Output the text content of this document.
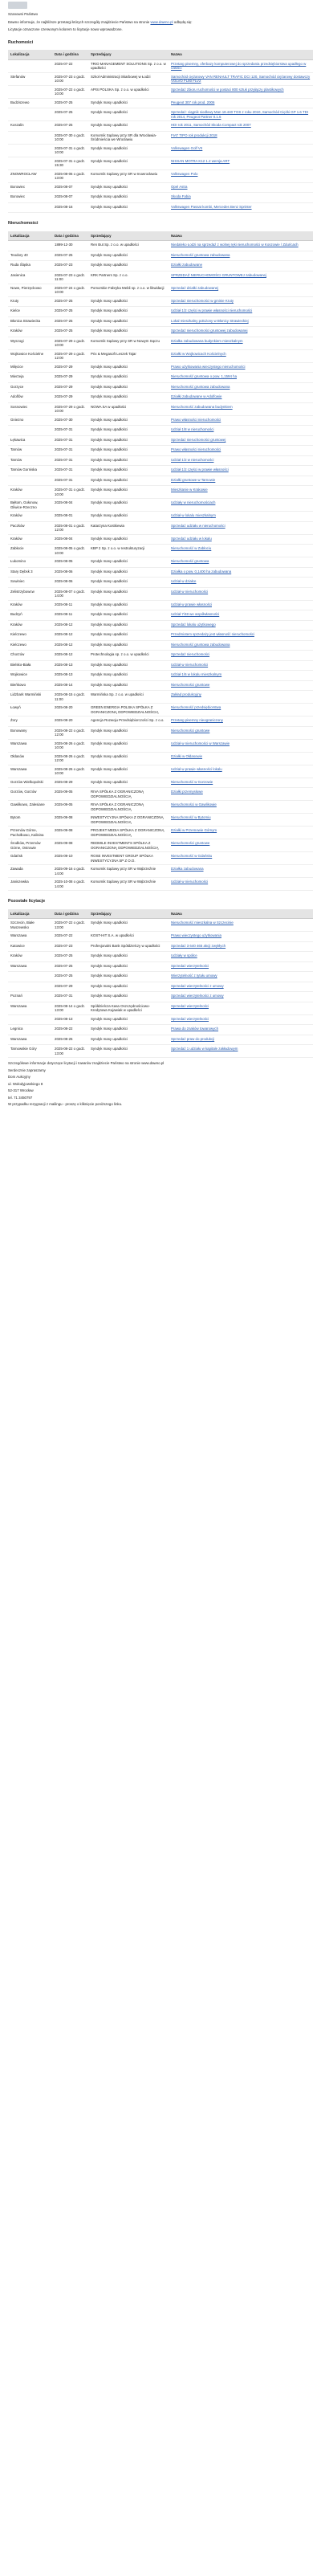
Szanowni Państwo
Dawno informuje, że najbliższe przetargi których szczegóły znajdziecie Państwo na stronie www.dawno.pl odbędą się:
Licytacje oznaczone czerwonym kolorem to licytacje nowo wprowadzone.
Ruchomości
Lokalizacja	Data i godzina	Sprzedający	Nazwa
	2025-07-22	TRIO MANAGEMENT SOLUTIONS Sp. z o.o. w upadłości	Przetarg pisemny, oferbazy komputerowej do sprzedania przedsiębiorstwa upadłego w całości
Stefanów	2025-07-23 o godz. 10:00	Szkoł Administracji Skarbowej w Łodzi	Samochód ciężarowy VAN RENAULT TRAFIC DCI 120, Samochód ciężarowy dostawczy VOLVO FL80 FLV2
	2025-07-22 o godz. 10:00	APIS POLSKA Sp. z o.o. w upadłości	Sprzedaż zbioru ruchomości w postaci 800 sztuk przyłączy plastikowych
Budziszewo	2025-07-25	Syndyk masy upadłości	Peugeot 307 rok prod. 2006
	2025-07-25	Syndyk masy upadłości	Sprzedaż: ciągnik siodłowy Man 18.440 TGS z roku 2010, Samochód Ciężki GP 1.6 TDI rok 2014, Peugeot Partner 0.1.6
Koszalin	2025-07-25	Syndyk masy upadłości	HDI rok 2011, Samochód Skoda Compact rok 2007
	2025-07-30 o godz. 10:00	Komornik Sądowy przy SR dla Wrocławia-Śródmieścia we Wrocławiu	FIAT TIPO rok produkcji 2018
	2025-07-31 o godz. 10:00	Syndyk masy upadłości	Volkswagen Golf VII
	2025-07-31 o godz. 15:30	Syndyk masy upadłości	NISSAN MOTRA K12 1.2 wersja ART
ZNOWROCŁAW	2025-08-06 o godz. 13:00	Komornik Sądowy przy SR w Inowrocławiu	Volkswagen Polo
Borowiec	2025-08-07	Syndyk masy upadłości	Opel Astra
Borowiec	2025-08-07	Syndyk masy upadłości	Skoda Fabia
	2025-08-16	Syndyk masy upadłości	Volkswagen Passat kombi, Mercedes Benz Sprinter
Nieruchomości
Lokalizacja	Data i godzina	Sprzedający	Nazwa
	1899-12-30	Ren But Sp. z o.o. w upadłości	Niedaleko Łodzi na sprzedaż z wolnej ręki nieruchomości w Koszowie / Zduńcach
Teodory 40	2025-07-25	Syndyk masy upadłości	Nieruchomość gruntowa zabudowana
Ruda Śląska	2025-07-23	Syndyk masy upadłości	Działki zabudowane
Jasienica	2025-07-23 o godz. 11:00	KRK Partners Sp. z o.o.	SPRZEDAŻ NIERUCHOMOŚCI GRUNTOWEJ zabudowanej
Nowe, Pierzęckowo	2025-07-24 o godz. 10:00	Pomorskie Fabryka Mebli sp. z o.o. w likwidacji	Sprzedaż działki zabudowanej
Kruty	2025-07-25	Syndyk masy upadłości	Sprzedaż nieruchomości w gminie Kruty
Kielce	2025-07-25	Syndyk masy upadłości	Udział 1/2 części w prawie własności nieruchomości
Błonica Strawiecka	2025-07-25	Syndyk masy upadłości	Lokal mieszkalny położony w Błonicy Strawieckiej
Kraków	2025-07-25	Syndyk masy upadłości	Sprzedaż nieruchomości gruntowej zabudowanej
Wyszogi	2025-07-29 o godz. 10:00	Komornik Sądowy przy SR w Nowym Sączu	Działka zabudowana budynkiem mieszkalnym
Wojkowice Kościelne	2025-07-29 o godz. 12:00	Prix & Megasoft Leszek Tajar	Działki w Wojkowicach Kościelnych
Milęcice	2025-07-29	Syndyk masy upadłości	Prawo użytkowania wieczystego nieruchomości
Mierzeja	2025-07-29	Syndyk masy upadłości	Nieruchomość gruntowa o pow. 1,1594 ha
Gorzyce	2025-07-29	Syndyk masy upadłości	Nieruchomość gruntowa zabudowana
Adolfów	2025-07-29	Syndyk masy upadłości	Działki zabudowane w Adolfowie
Sosnowiec	2025-07-29 o godz. 10:00	NOWA SA w upadłości	Nieruchomość zabudowana budynkiem
Gniezno	2025-07-30	Syndyk masy upadłości	Prawo własności nieruchomości
	2025-07-31	Syndyk masy upadłości	Udział 1/8 w nieruchomości
Łękawica	2025-07-31	Syndyk masy upadłości	Sprzedaż nieruchomości gruntowej
Tarnów	2025-07-31	Syndyk masy upadłości	Prawo własności nieruchomości
Tarnów	2025-07-31	Syndyk masy upadłości	Udział 1/2 w nieruchomości
Tarnów Gorniska	2025-07-31	Syndyk masy upadłości	Udział 1/2 części w prawie własności
	2025-07-31	Syndyk masy upadłości	Działki gruntowe w Tarnowie
Kraków	2025-07-31 o godz. 10:00	Syndyk masy upadłości	Mieszkanie w Krakowie
Bęłtom, Gołonow, Gliwice-Rzeczno	2025-08-04	Syndyk masy upadłości	Udziały w nieruchomościach
Kraków	2025-08-01	Syndyk masy upadłości	Udział w lokalu mieszkalnym
Paczków	2025-08-01 o godz. 12:00	Katarzyna Kostkiewia	Sprzedaż udziału w nieruchomości
Kraków	2025-08-04	Syndyk masy upadłości	Sprzedaż udziału w lokalu
Zabłocie	2025-08-05 o godz. 10:00	KBP 2 Sp. z o.o. w restrukturyzacji	Nieruchomość w Zabłociu
Łukomino	2025-08-05	Syndyk masy upadłości	Nieruchomość gruntowa
Stary Dębsk 3	2025-08-06	Syndyk masy upadłości	Działka o pow. 0,1400 ha zabudowana
Sowiniec	2025-08-06	Syndyk masy upadłości	Udział w działce
Zelistrzybowcw	2025-08-07 o godz. 14:00	Syndyk masy upadłości	Udział w nieruchomości
Kraków	2025-08-11	Syndyk masy upadłości	Udział w prawie własności
Budzyń	2025-08-11	Syndyk masy upadłości	Udział 7/48 we współwłasności
Kraków	2025-08-12	Syndyk masy upadłości	Sprzedaż lokalu użytkowego
Kielczewo	2025-08-12	Syndyk masy upadłości	Przedmiotem sprzedaży jest własność nieruchomości
Kielczewo	2025-08-12	Syndyk masy upadłości	Nieruchomość gruntowa zabudowana
Chorzów	2025-08-12	Protechnologia sp. z o.o. w upadłości	Sprzedaż nieruchomości
Bielsko-Biała	2025-08-13	Syndyk masy upadłości	Udział w nieruchomości
Wojkowice	2025-08-13	Syndyk masy upadłości	Udział 1/6 w lokalu mieszkalnym
Bieńkowo	2025-08-14	Syndyk masy upadłości	Nieruchomości gruntowe
Lidzbark Warmiński	2025-08-15 o godz. 11:00	Warmińska Sp. z o.o. w upadłości	Zakład produkcyjny
Łowyń	2025-08-20	GREEN ENERGIA POLSKA SPÓŁKA Z OGRANICZONĄ ODPOWIEDZIALNOŚCIĄ	Nieruchomość przedsiębiorstwa
Żory	2025-08-20	Agencja Rozwoju Przedsiębiorczości Sp. z o.o.	Przetarg pisemny nieograniczony
Bonowany	2025-08-22 o godz. 12:00	Syndyk masy upadłości	Nieruchomości gruntowe
Warszawa	2025-08-26 o godz. 10:00	Syndyk masy upadłości	Udział w nieruchomości w Warszawie
Ołdasów	2025-08-26 o godz. 12:00	Syndyk masy upadłości	Działki w Ołdasowie
Warszawa	2025-08-26 o godz. 10:00	Syndyk masy upadłości	Udział w prawie własności lokalu
Gorzów Wielkopolski	2025-08-29	Syndyk masy upadłości	Nieruchomość w Gorzowie
Gorzów, Gorzów	2025-09-05	RIVA SPÓŁKA Z OGRANICZONĄ ODPOWIEDZIALNOŚCIĄ	Działki przemysłowe
Gawlikowo, Zalesiane	2025-09-05	RIVA SPÓŁKA Z OGRANICZONĄ ODPOWIEDZIALNOŚCIĄ	Nieruchomości w Gawlikowie
Bytom	2025-09-08	INWESTYCYJNA SPÓŁKA Z OGRANICZONĄ ODPOWIEDZIALNOŚCIĄ	Nieruchomość w Bytomiu
Przemów Górne, Pachołkowo, Kalisina	2025-09-08	PROJEKT MEDIA SPÓŁKA Z OGRANICZONĄ ODPOWIEDZIALNOŚCIĄ	Działki w Przemowie Górnym
Środków, Przemów Górne, Ostrowie	2025-09-08	REDMILE INVESTMENTS SPÓŁKA Z OGRANICZONĄ ODPOWIEDZIALNOŚCIĄ	Nieruchomości gruntowe
Gdańsk	2025-09-10	ROSE INVESTMENT GROUP SPÓŁKA INWESTYCYJNA SP Z O.O.	Nieruchomość w Gdańsku
Zawada	2025-09-16 o godz. 14:00	Komornik Sądowy przy SR w Wąbrzeźnie	Działka zabudowana
Janiszewka	2025-10-08 o godz. 14:00	Komornik Sądowy przy SR w Wąbrzeźnie	Udział w nieruchomości
Pozostałe licytacje
Lokalizacja	Data i godzina	Sprzedający	Nazwa
Szczecin, Białe Muszewsko	2025-07-22 o godz. 13:00	Syndyk masy upadłości	Nieruchomość mieszkalna w Szczecinie
Warszawa	2025-07-22	KOST-HIT S.A. w upadłości	Prawo wieczystego użytkowania
Katowice	2025-07-23	Profesjonalni Bank Spółdzielczy w upadłości	Sprzedaż 3 640 465 akcji zwykłych
Kraków	2025-07-25	Syndyk masy upadłości	Udziały w spółce
Warszawa	2025-07-25	Syndyk masy upadłości	Sprzedaż wierzytelności
	2025-07-25	Syndyk masy upadłości	Wierzytelność z tytułu umowy
	2025-07-29	Syndyk masy upadłości	Sprzedaż wierzytelności z umowy
Poznań	2025-07-31	Syndyk masy upadłości	Sprzedaż wierzytelności z umowy
Warszawa	2025-08-14 o godz. 13:00	Spółdzielcza Kasa Oszczędnościowo-Kredytowa Kujawiak w upadłości	Sprzedaż wierzytelności
	2025-08-13	Syndyk masy upadłości	Sprzedaż wierzytelności
Legnica	2025-08-22	Syndyk masy upadłości	Prawa do znaków towarowych
Warszawa	2025-08-25	Syndyk masy upadłości	Sprzedaż praw do produkcji
Tarnowskie Góry	2025-08-22 o godz. 13:00	Syndyk masy upadłości	Sprzedaż 1 udziału w kapitale zakładowym

Szczegółowe informacje dotyczące licytacji i towarów znajdziecie Państwo na stronie www.dawno.pl

Serdecznie zapraszamy

Dom Aukcyjny

ul. Wołodyjowskiego 8

52-317 Wrocław

tel. 71 3450797

W przypadku rezygnacji z mailingu - proszę o kliknięcie poniższego linku.
